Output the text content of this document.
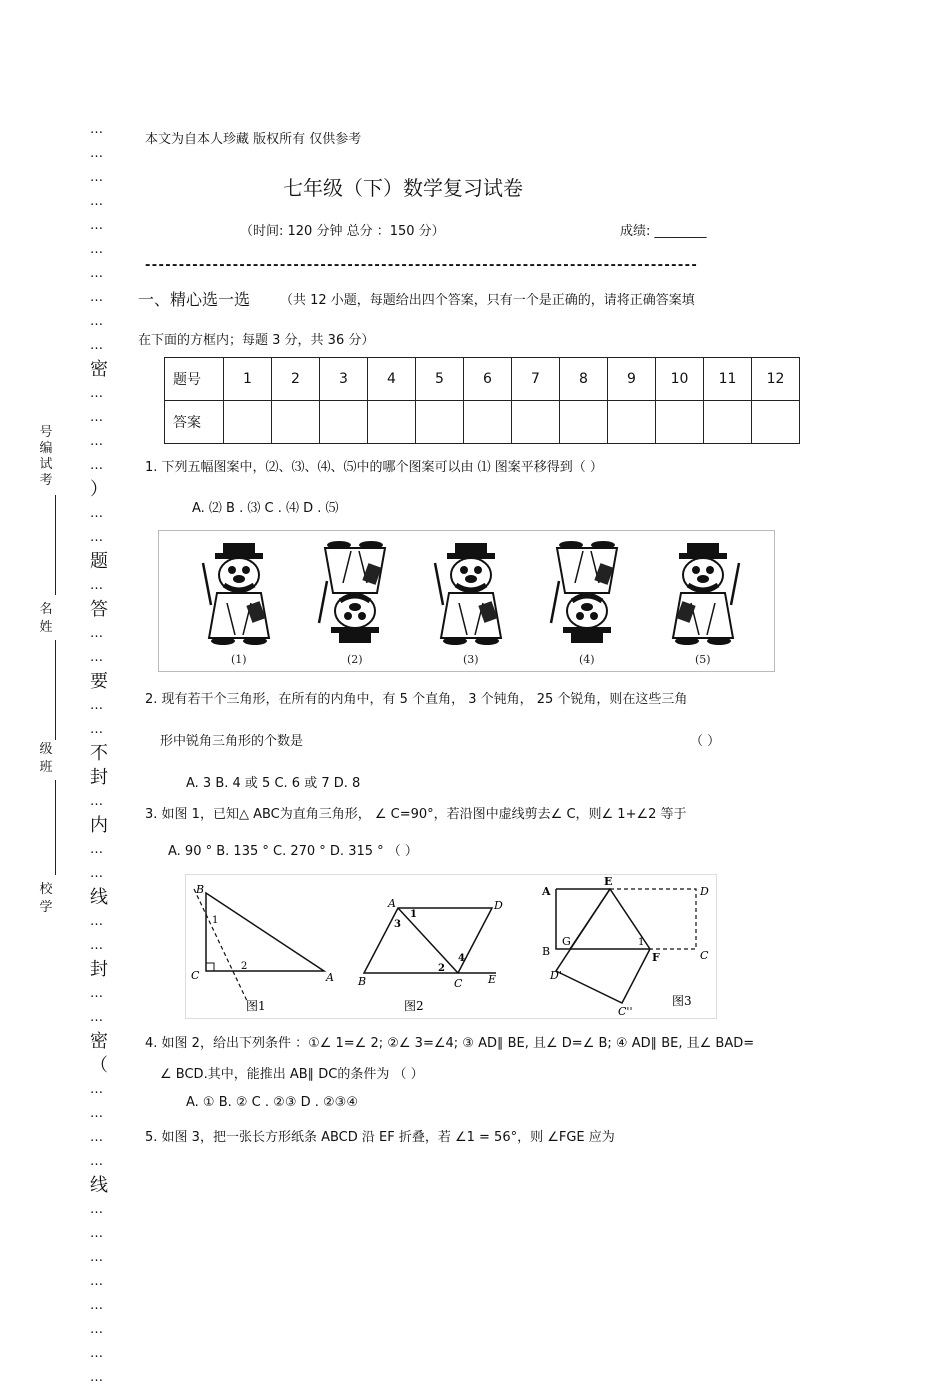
…
…
…
…
…
…
…
…
…
…
密
…
…
…
…
）
…
…
题
…
答
…
…
要
…
…
不
封
…
内
…
…
线
…
…
封
…
…
密
（
…
…
…
…
线
…
…
…
…
…
…
…
…
号
编
试
考
名
姓
级
班
校
学
本文为自本人珍藏 版权所有 仅供参考
七年级（下）数学复习试卷
（时间: 120 分钟 总分 ：150 分）	成绩: ________
----------------------------------------------------------------------------------
一、精心选一选 （共 12 小题，每题给出四个答案，只有一个是正确的，请将正确答案填
在下面的方框内；每题 3 分，共 36 分）
题号	1	2	3	4	5	6	7	8	9	10	11	12
答案												
1. 下列五幅图案中，⑵、⑶、⑷、⑸中的哪个图案可以由 ⑴ 图案平移得到（ ）
A. ⑵ B . ⑶ C . ⑷ D . ⑸
(1)	(2)	(3)	(4)	(5)
2. 现有若干个三角形，在所有的内角中，有 5 个直角， 3 个钝角， 25 个锐角，则在这些三角
形中锐角三角形的个数是	（ ）
A. 3 B. 4 或 5 C. 6 或 7 D. 8
3. 如图 1，已知△ ABC为直角三角形， ∠ C=90°，若沿图中虚线剪去∠ C，则∠ 1+∠2 等于
A. 90 ° B. 135 ° C. 270 ° D. 315 ° （ ）
B
C	A
1
2
图1
A	D
B	C E
1
3
2
4
图2
A
E
D
B
G	1
F	C
D'
C''
图3
4. 如图 2，给出下列条件 ：①∠ 1=∠ 2; ②∠ 3=∠4; ③ AD∥ BE, 且∠ D=∠ B; ④ AD∥ BE, 且∠ BAD=
∠ BCD.其中，能推出 AB∥ DC的条件为 （ ）
A. ① B. ② C . ②③ D . ②③④
5. 如图 3，把一张长方形纸条 ABCD 沿 EF 折叠，若 ∠1 = 56°，则 ∠FGE 应为
